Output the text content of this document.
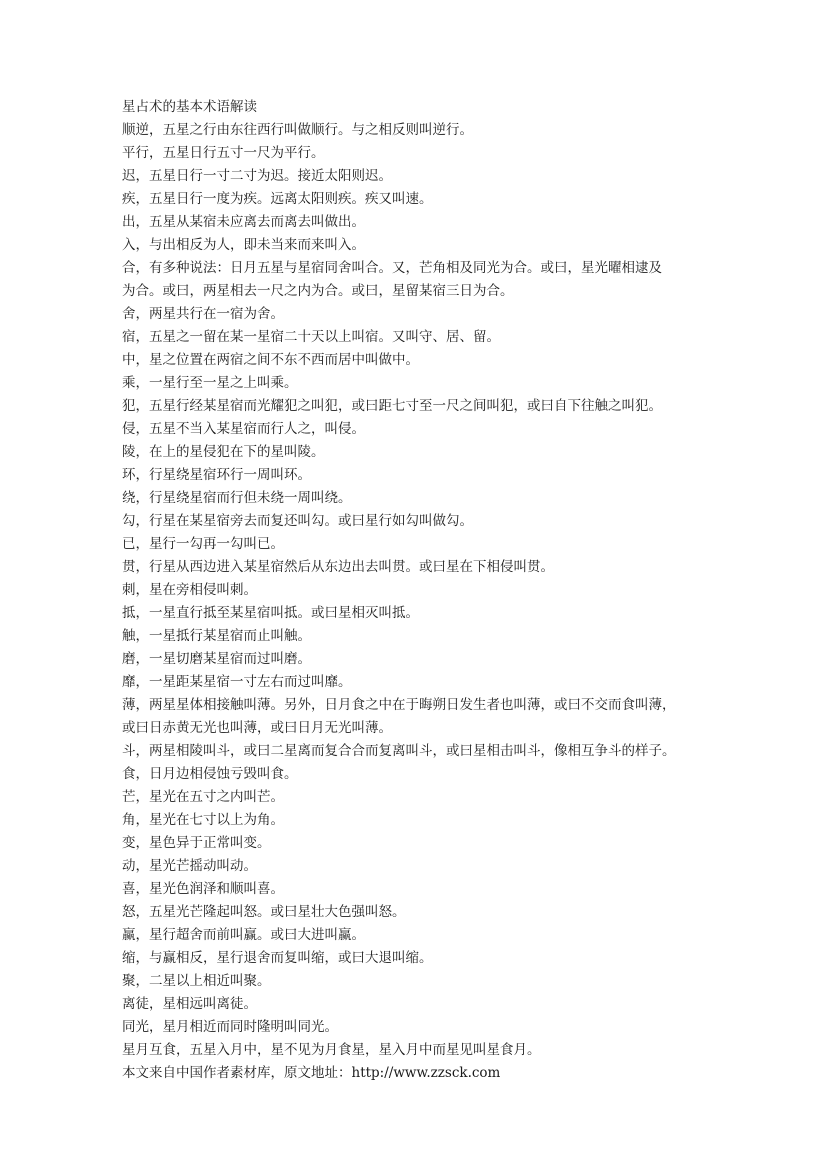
星占术的基本术语解读

顺逆，五星之行由东往西行叫做顺行。与之相反则叫逆行。

平行，五星日行五寸一尺为平行。

迟，五星日行一寸二寸为迟。接近太阳则迟。

疾，五星日行一度为疾。远离太阳则疾。疾又叫速。

出，五星从某宿未应离去而离去叫做出。

入，与出相反为人，即未当来而来叫入。

合，有多种说法：日月五星与星宿同舍叫合。又，芒角相及同光为合。或曰，星光曜相逮及

为合。或曰，两星相去一尺之内为合。或曰，星留某宿三日为合。

舍，两星共行在一宿为舍。

宿，五星之一留在某一星宿二十天以上叫宿。又叫守、居、留。

中，星之位置在两宿之间不东不西而居中叫做中。

乘，一星行至一星之上叫乘。

犯，五星行经某星宿而光耀犯之叫犯，或曰距七寸至一尺之间叫犯，或曰自下往触之叫犯。

侵，五星不当入某星宿而行人之，叫侵。

陵，在上的星侵犯在下的星叫陵。

环，行星绕星宿环行一周叫环。

绕，行星绕星宿而行但未绕一周叫绕。

勾，行星在某星宿旁去而复还叫勾。或曰星行如勾叫做勾。

已，星行一勾再一勾叫已。

贯，行星从西边进入某星宿然后从东边出去叫贯。或曰星在下相侵叫贯。

刺，星在旁相侵叫刺。

抵，一星直行抵至某星宿叫抵。或曰星相灭叫抵。

触，一星抵行某星宿而止叫触。

磨，一星切磨某星宿而过叫磨。

靡，一星距某星宿一寸左右而过叫靡。

薄，两星星体相接触叫薄。另外，日月食之中在于晦朔日发生者也叫薄，或曰不交而食叫薄，

或曰日赤黄无光也叫薄，或曰日月无光叫薄。

斗，两星相陵叫斗，或曰二星离而复合合而复离叫斗，或曰星相击叫斗，像相互争斗的样子。

食，日月边相侵蚀亏毁叫食。

芒，星光在五寸之内叫芒。

角，星光在七寸以上为角。

变，星色异于正常叫变。

动，星光芒摇动叫动。

喜，星光色润泽和顺叫喜。

怒，五星光芒隆起叫怒。或曰星壮大色强叫怒。

赢，星行超舍而前叫赢。或曰大进叫赢。

缩，与赢相反，星行退舍而复叫缩，或曰大退叫缩。

聚，二星以上相近叫聚。

离徒，星相远叫离徒。

同光，星月相近而同时隆明叫同光。

星月互食，五星入月中，星不见为月食星，星入月中而星见叫星食月。

本文来自中国作者素材库，原文地址：http://www.zzsck.com
